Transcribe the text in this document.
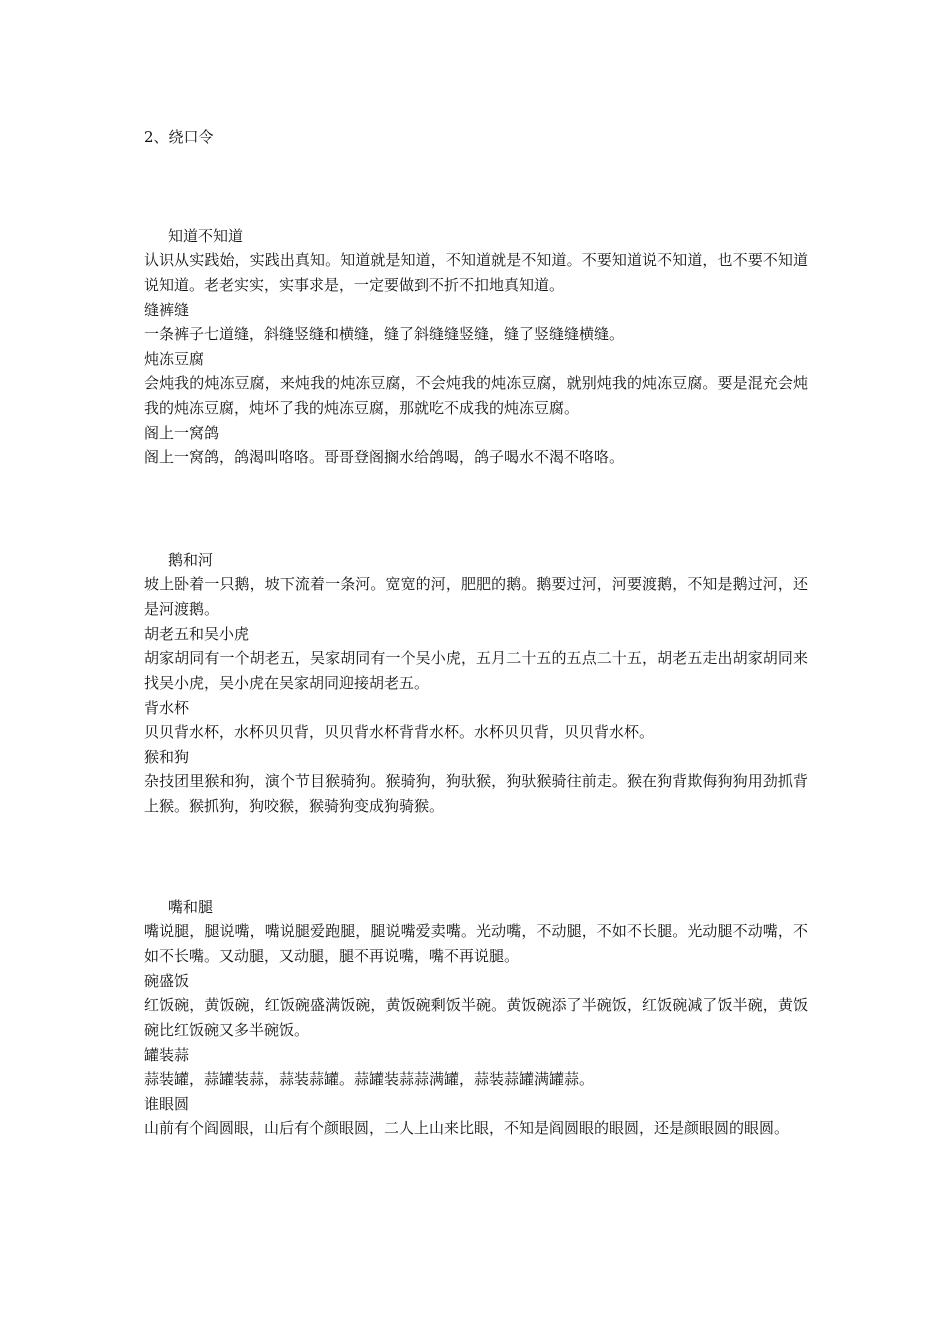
2、绕口令
知道不知道

认识从实践始，实践出真知。知道就是知道，不知道就是不知道。不要知道说不知道，也不要不知道说知道。老老实实，实事求是，一定要做到不折不扣地真知道。

缝裤缝

一条裤子七道缝，斜缝竖缝和横缝，缝了斜缝缝竖缝，缝了竖缝缝横缝。

炖冻豆腐

会炖我的炖冻豆腐，来炖我的炖冻豆腐，不会炖我的炖冻豆腐，就别炖我的炖冻豆腐。要是混充会炖我的炖冻豆腐，炖坏了我的炖冻豆腐，那就吃不成我的炖冻豆腐。

阁上一窝鸽

阁上一窝鸽，鸽渴叫咯咯。哥哥登阁搁水给鸽喝，鸽子喝水不渴不咯咯。

鹅和河

坡上卧着一只鹅，坡下流着一条河。宽宽的河，肥肥的鹅。鹅要过河，河要渡鹅，不知是鹅过河，还是河渡鹅。

胡老五和吴小虎

胡家胡同有一个胡老五，吴家胡同有一个吴小虎，五月二十五的五点二十五，胡老五走出胡家胡同来找吴小虎，吴小虎在吴家胡同迎接胡老五。

背水杯

贝贝背水杯，水杯贝贝背，贝贝背水杯背背水杯。水杯贝贝背，贝贝背水杯。

猴和狗

杂技团里猴和狗，演个节目猴骑狗。猴骑狗，狗驮猴，狗驮猴骑往前走。猴在狗背欺侮狗狗用劲抓背上猴。猴抓狗，狗咬猴，猴骑狗变成狗骑猴。

嘴和腿

嘴说腿，腿说嘴，嘴说腿爱跑腿，腿说嘴爱卖嘴。光动嘴，不动腿，不如不长腿。光动腿不动嘴，不如不长嘴。又动腿，又动腿，腿不再说嘴，嘴不再说腿。

碗盛饭

红饭碗，黄饭碗，红饭碗盛满饭碗，黄饭碗剩饭半碗。黄饭碗添了半碗饭，红饭碗减了饭半碗，黄饭碗比红饭碗又多半碗饭。

罐装蒜

蒜装罐，蒜罐装蒜，蒜装蒜罐。蒜罐装蒜蒜满罐，蒜装蒜罐满罐蒜。

谁眼圆

山前有个阎圆眼，山后有个颜眼圆，二人上山来比眼，不知是阎圆眼的眼圆，还是颜眼圆的眼圆。
